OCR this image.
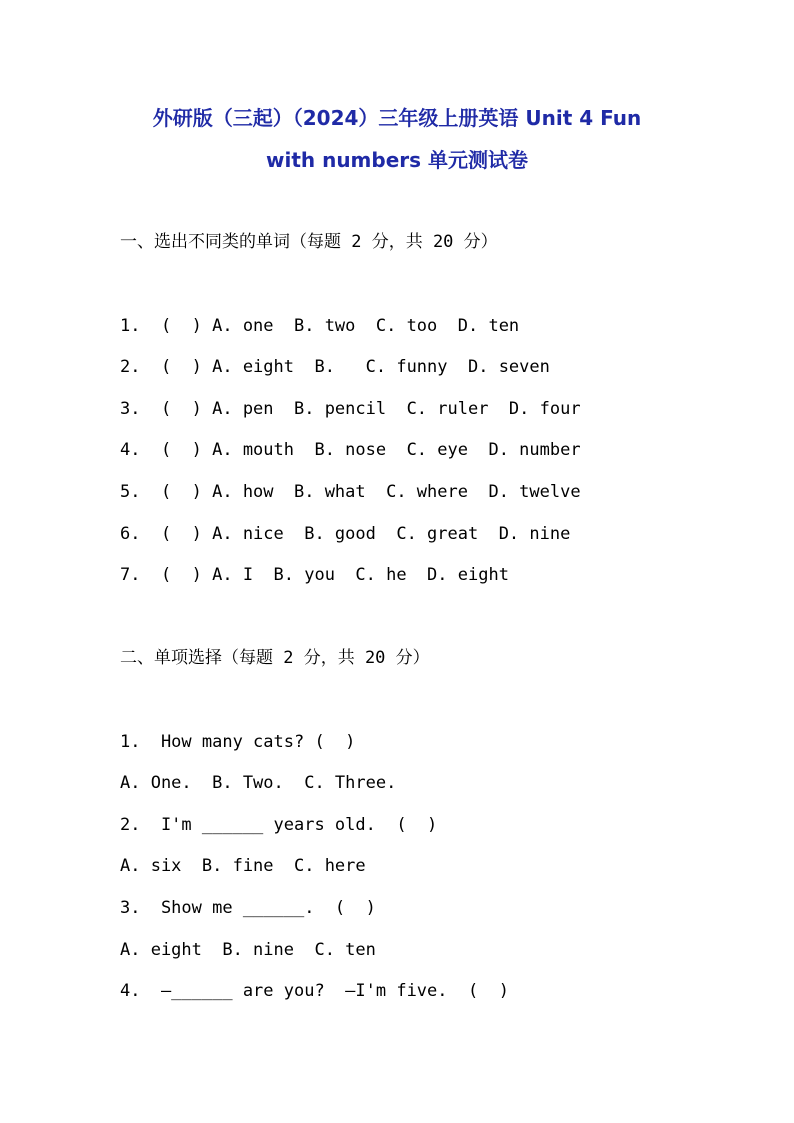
外研版（三起）（2024）三年级上册英语 Unit 4 Fun
with numbers 单元测试卷
一、选出不同类的单词（每题 2 分，共 20 分）
1.  (  ) A. one  B. two  C. too  D. ten
2.  (  ) A. eight  B.   C. funny  D. seven
3.  (  ) A. pen  B. pencil  C. ruler  D. four
4.  (  ) A. mouth  B. nose  C. eye  D. number
5.  (  ) A. how  B. what  C. where  D. twelve
6.  (  ) A. nice  B. good  C. great  D. nine
7.  (  ) A. I  B. you  C. he  D. eight
二、单项选择（每题 2 分，共 20 分）
1.  How many cats? (  )
A. One.  B. Two.  C. Three.
2.  I'm ______ years old.  (  )
A. six  B. fine  C. here
3.  Show me ______.  (  )
A. eight  B. nine  C. ten
4.  —______ are you?  —I'm five.  (  )
